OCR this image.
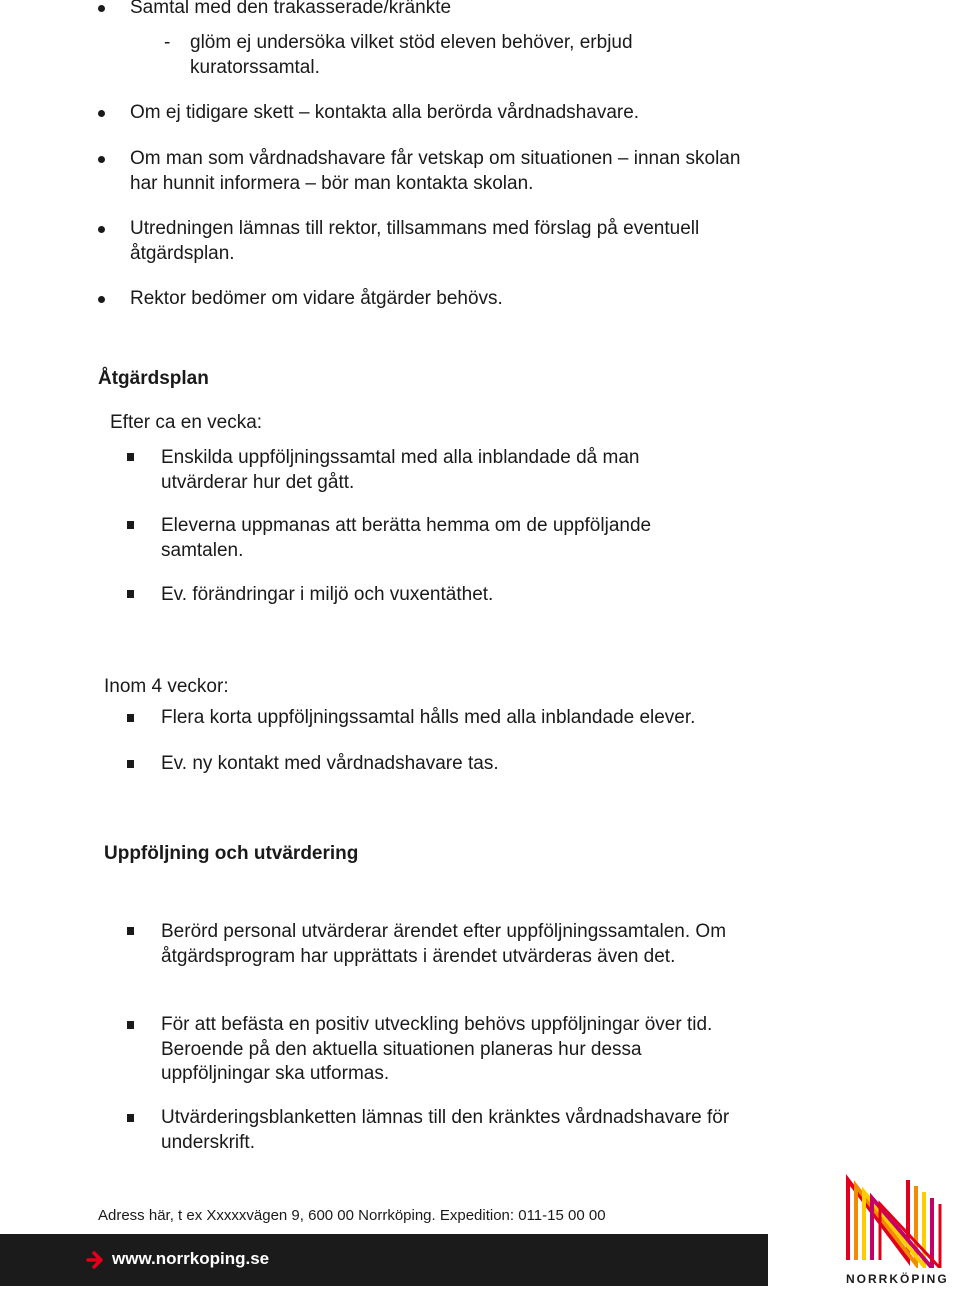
Samtal med den trakasserade/kränkte
- glöm ej undersöka vilket stöd eleven behöver, erbjud kuratorssamtal.
Om ej tidigare skett – kontakta alla berörda vårdnadshavare.
Om man som vårdnadshavare får vetskap om situationen – innan skolan har hunnit informera – bör man kontakta skolan.
Utredningen lämnas till rektor, tillsammans med förslag på eventuell åtgärdsplan.
Rektor bedömer om vidare åtgärder behövs.
Åtgärdsplan
Efter ca en vecka:
Enskilda uppföljningssamtal med alla inblandade då man utvärderar hur det gått.
Eleverna uppmanas att berätta hemma om de uppföljande samtalen.
Ev. förändringar i miljö och vuxentäthet.
Inom 4 veckor:
Flera korta uppföljningssamtal hålls med alla inblandade elever.
Ev. ny kontakt med vårdnadshavare tas.
Uppföljning och utvärdering
Berörd personal utvärderar ärendet efter uppföljningssamtalen. Om åtgärdsprogram har upprättats i ärendet utvärderas även det.
För att befästa en positiv utveckling behövs uppföljningar över tid. Beroende på den aktuella situationen planeras hur dessa uppföljningar ska utformas.
Utvärderingsblanketten lämnas till den kränktes vårdnadshavare för underskrift.
Adress här, t ex Xxxxxvägen 9, 600 00 Norrköping. Expedition: 011-15 00 00
www.norrkoping.se
NORRKÖPING
